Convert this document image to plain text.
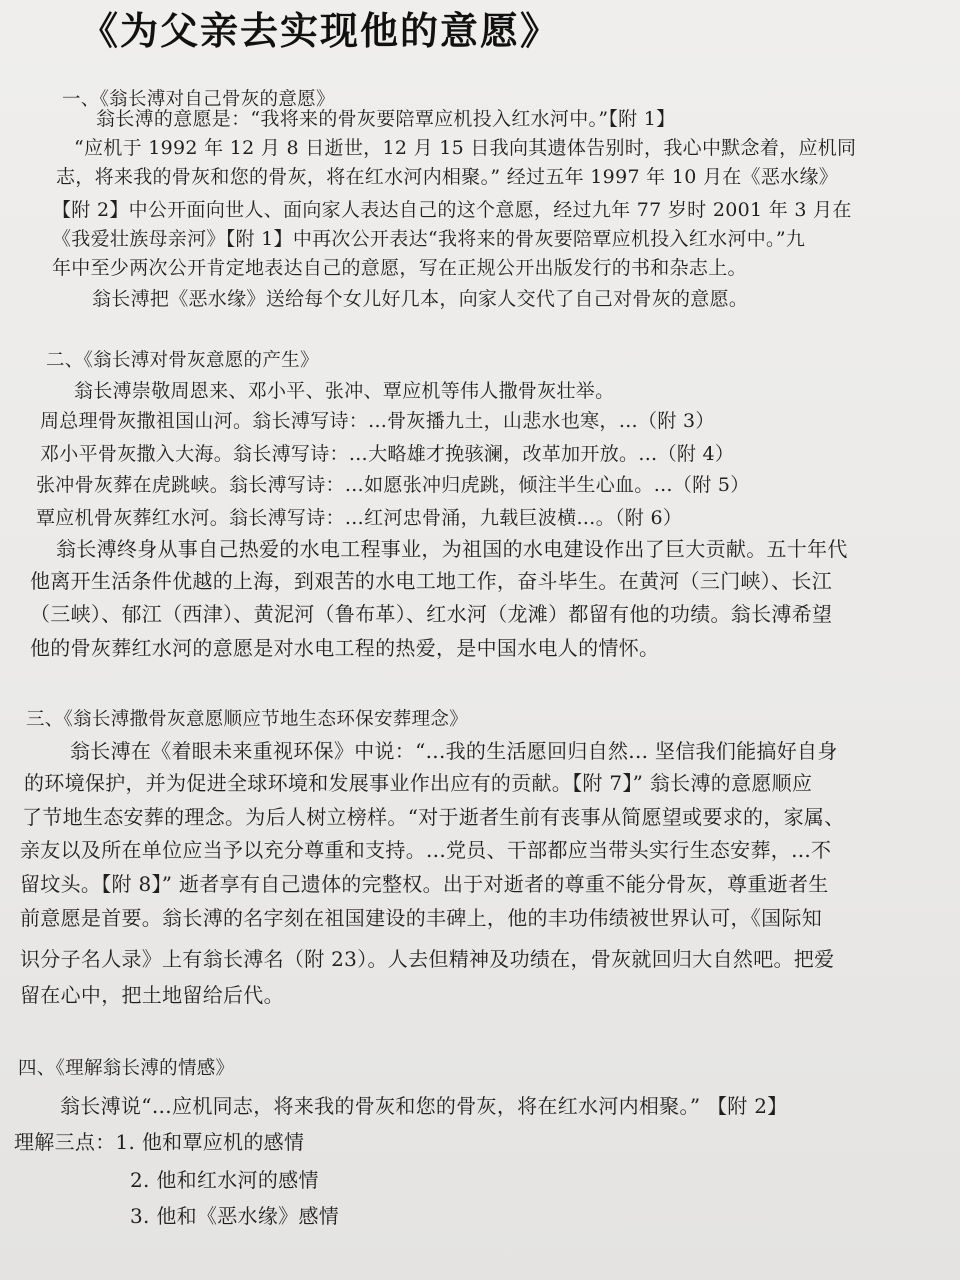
《为父亲去实现他的意愿》
一、《翁长溥对自己骨灰的意愿》
翁长溥的意愿是：“我将来的骨灰要陪覃应机投入红水河中。”【附 1】
“应机于 1992 年 12 月 8 日逝世，12 月 15 日我向其遗体告别时，我心中默念着，应机同
志，将来我的骨灰和您的骨灰，将在红水河内相聚。” 经过五年 1997 年 10 月在《恶水缘》
【附 2】中公开面向世人、面向家人表达自己的这个意愿，经过九年 77 岁时 2001 年 3 月在
《我爱壮族母亲河》【附 1】中再次公开表达“我将来的骨灰要陪覃应机投入红水河中。”九
年中至少两次公开肯定地表达自己的意愿，写在正规公开出版发行的书和杂志上。
翁长溥把《恶水缘》送给每个女儿好几本，向家人交代了自己对骨灰的意愿。
二、《翁长溥对骨灰意愿的产生》
翁长溥崇敬周恩来、邓小平、张冲、覃应机等伟人撒骨灰壮举。
周总理骨灰撒祖国山河。翁长溥写诗：...骨灰播九土，山悲水也寒，…（附 3）
邓小平骨灰撒入大海。翁长溥写诗：…大略雄才挽骇澜，改革加开放。…（附 4）
张冲骨灰葬在虎跳峡。翁长溥写诗：…如愿张冲归虎跳，倾注半生心血。…（附 5）
覃应机骨灰葬红水河。翁长溥写诗：…红河忠骨涌，九载巨波横…。（附 6）
翁长溥终身从事自己热爱的水电工程事业，为祖国的水电建设作出了巨大贡献。五十年代
他离开生活条件优越的上海，到艰苦的水电工地工作，奋斗毕生。在黄河（三门峡）、长江
（三峡）、郁江（西津）、黄泥河（鲁布革）、红水河（龙滩）都留有他的功绩。翁长溥希望
他的骨灰葬红水河的意愿是对水电工程的热爱，是中国水电人的情怀。
三、《翁长溥撒骨灰意愿顺应节地生态环保安葬理念》
翁长溥在《着眼未来重视环保》中说：“...我的生活愿回归自然... 坚信我们能搞好自身
的环境保护，并为促进全球环境和发展事业作出应有的贡献。【附 7】” 翁长溥的意愿顺应
了节地生态安葬的理念。为后人树立榜样。“对于逝者生前有丧事从简愿望或要求的，家属、
亲友以及所在单位应当予以充分尊重和支持。...党员、干部都应当带头实行生态安葬，...不
留坟头。【附 8】” 逝者享有自己遗体的完整权。出于对逝者的尊重不能分骨灰，尊重逝者生
前意愿是首要。翁长溥的名字刻在祖国建设的丰碑上，他的丰功伟绩被世界认可，《国际知
识分子名人录》上有翁长溥名（附 23）。人去但精神及功绩在，骨灰就回归大自然吧。把爱
留在心中，把土地留给后代。
四、《理解翁长溥的情感》
翁长溥说“…应机同志，将来我的骨灰和您的骨灰，将在红水河内相聚。” 【附 2】
理解三点：1. 他和覃应机的感情
2. 他和红水河的感情
3. 他和《恶水缘》感情
